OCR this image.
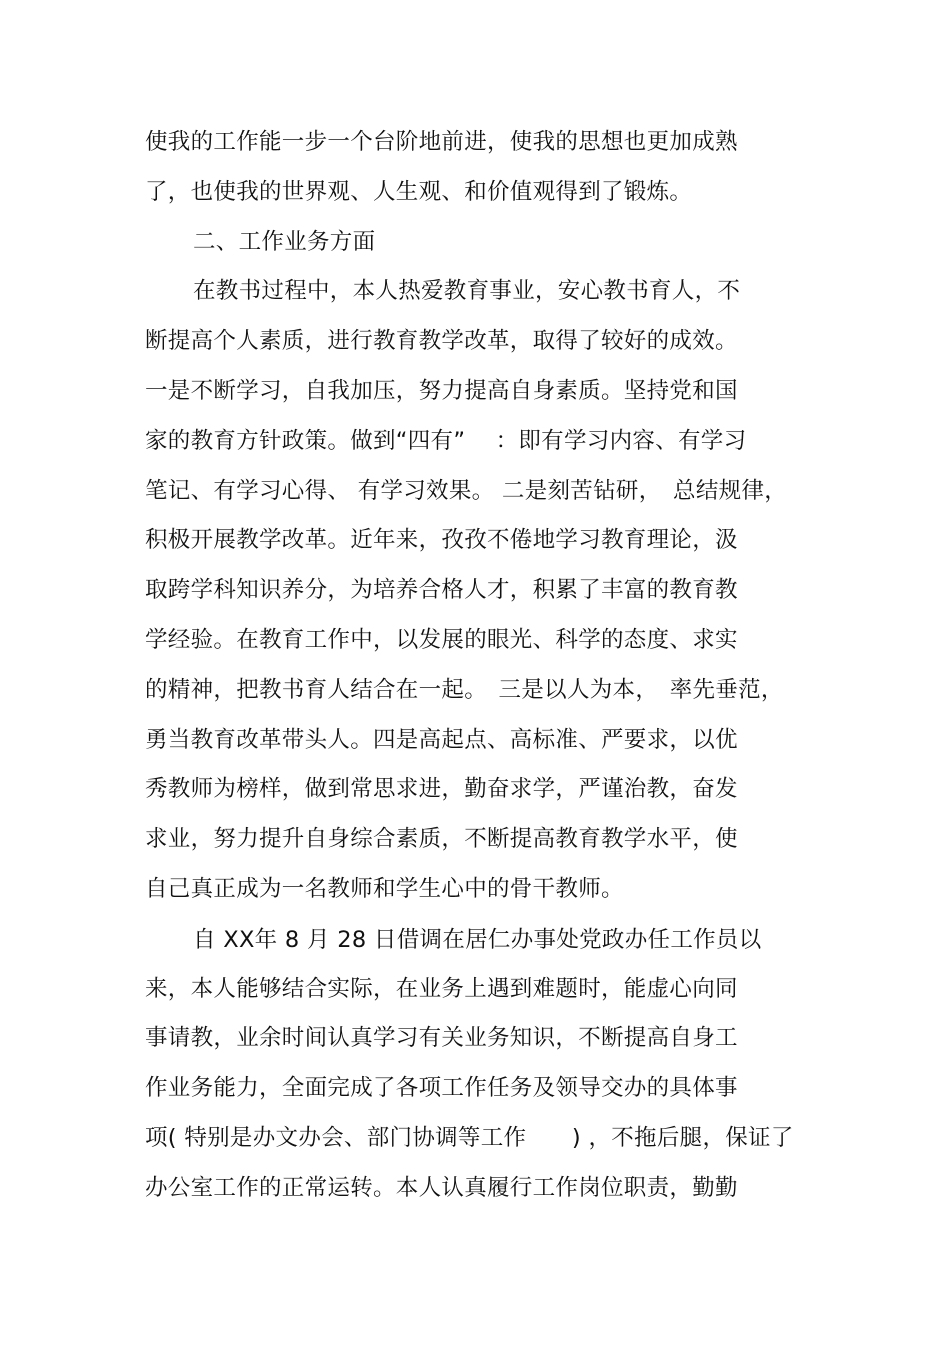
使我的工作能一步一个台阶地前进，使我的思想也更加成熟
了，也使我的世界观、人生观、和价值观得到了锻炼。
二、工作业务方面
在教书过程中，本人热爱教育事业，安心教书育人，不
断提高个人素质，进行教育教学改革，取得了较好的成效。
一是不断学习，自我加压，努力提高自身素质。坚持党和国
家的教育方针政策。做到“四有”　 ：即有学习内容、有学习
笔记、有学习心得、 有学习效果。 二是刻苦钻研，　总结规律，
积极开展教学改革。近年来，孜孜不倦地学习教育理论，汲
取跨学科知识养分，为培养合格人才，积累了丰富的教育教
学经验。在教育工作中，以发展的眼光、科学的态度、求实
的精神，把教书育人结合在一起。　三是以人为本，　率先垂范，
勇当教育改革带头人。四是高起点、高标准、严要求，以优
秀教师为榜样，做到常思求进，勤奋求学，严谨治教，奋发
求业，努力提升自身综合素质，不断提高教育教学水平，使
自己真正成为一名教师和学生心中的骨干教师。
自 XX年 8 月 28 日借调在居仁办事处党政办任工作员以
来，本人能够结合实际，在业务上遇到难题时，能虚心向同
事请教，业余时间认真学习有关业务知识，不断提高自身工
作业务能力，全面完成了各项工作任务及领导交办的具体事
项( 特别是办文办会、部门协调等工作　　) ，不拖后腿，保证了
办公室工作的正常运转。本人认真履行工作岗位职责，勤勤
